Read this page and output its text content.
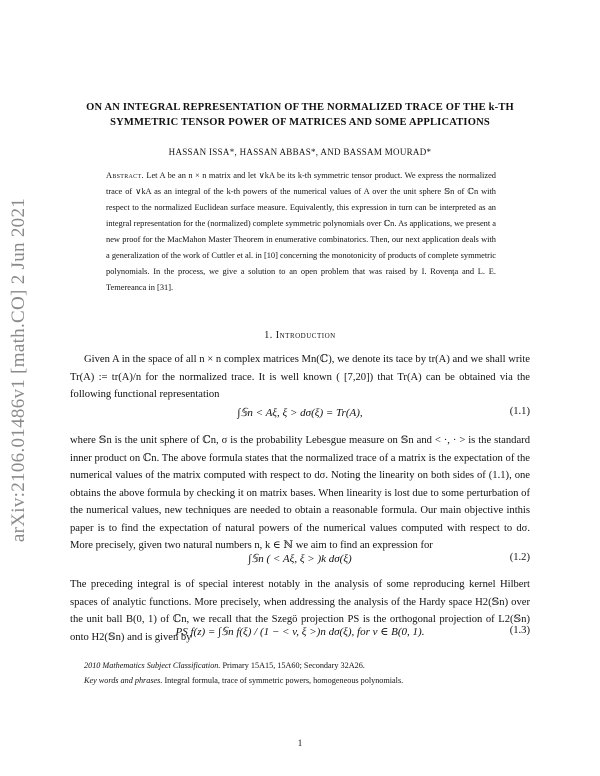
arXiv:2106.01486v1 [math.CO] 2 Jun 2021
ON AN INTEGRAL REPRESENTATION OF THE NORMALIZED TRACE OF THE k-TH
SYMMETRIC TENSOR POWER OF MATRICES AND SOME APPLICATIONS
HASSAN ISSA*, HASSAN ABBAS*, AND BASSAM MOURAD*
Abstract. Let A be an n × n matrix and let ∨kA be its k-th symmetric tensor product. We express the normalized trace of ∨kA as an integral of the k-th powers of the numerical values of A over the unit sphere 𝕊n of ℂn with respect to the normalized Euclidean surface measure. Equivalently, this expression in turn can be interpreted as an integral representation for the (normalized) complete symmetric polynomials over ℂn. As applications, we present a new proof for the MacMahon Master Theorem in enumerative combinatorics. Then, our next application deals with a generalization of the work of Cuttler et al. in [10] concerning the monotonicity of products of complete symmetric polynomials. In the process, we give a solution to an open problem that was raised by I. Rovenţa and L. E. Temereanca in [31].
1. Introduction
Given A in the space of all n × n complex matrices Mn(ℂ), we denote its tace by tr(A) and we shall write Tr(A) := tr(A)/n for the normalized trace. It is well known ( [7,20]) that Tr(A) can be obtained via the following functional representation
∫𝕊n < Aξ, ξ > dσ(ξ) = Tr(A),	(1.1)
where 𝕊n is the unit sphere of ℂn, σ is the probability Lebesgue measure on 𝕊n and < ·, · > is the standard inner product on ℂn. The above formula states that the normalized trace of a matrix is the expectation of the numerical values of the matrix computed with respect to dσ. Noting the linearity on both sides of (1.1), one obtains the above formula by checking it on matrix bases. When linearity is lost due to some perturbation of the numerical values, new techniques are needed to obtain a reasonable formula. Our main objective inthis paper is to find the expectation of natural powers of the numerical values computed with respect to dσ. More precisely, given two natural numbers n, k ∈ ℕ we aim to find an expression for
∫𝕊n ( < Aξ, ξ > )k dσ(ξ)	(1.2)
The preceding integral is of special interest notably in the analysis of some reproducing kernel Hilbert spaces of analytic functions. More precisely, when addressing the analysis of the Hardy space H2(𝕊n) over the unit ball B(0, 1) of ℂn, we recall that the Szegö projection PS is the orthogonal projection of L2(𝕊n) onto H2(𝕊n) and is given by
PS f(z) = ∫𝕊n f(ξ) / (1 − < v, ξ >)n dσ(ξ), for v ∈ B(0, 1).	(1.3)
2010 Mathematics Subject Classification. Primary 15A15, 15A60; Secondary 32A26.
Key words and phrases. Integral formula, trace of symmetric powers, homogeneous polynomials.
1
